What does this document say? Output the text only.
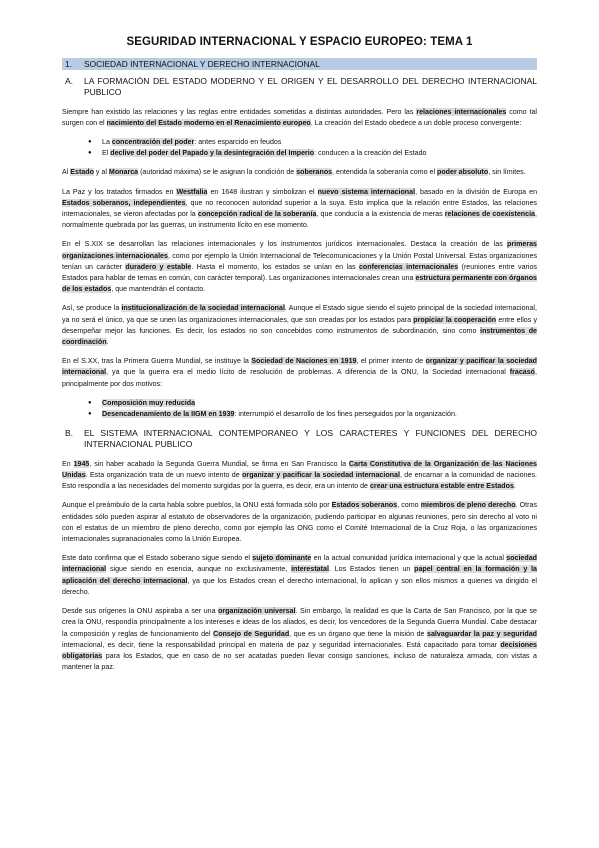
SEGURIDAD INTERNACIONAL Y ESPACIO EUROPEO: TEMA 1
1.	SOCIEDAD INTERNACIONAL Y DERECHO INTERNACIONAL
A.	LA FORMACIÓN DEL ESTADO MODERNO Y EL ORIGEN Y EL DESARROLLO DEL DERECHO INTERNACIONAL PUBLICO

Siempre han existido las relaciones y las reglas entre entidades sometidas a distintas autoridades. Pero las relaciones internacionales como tal surgen con el nacimiento del Estado moderno en el Renacimiento europeo. La creación del Estado obedece a un doble proceso convergente:

● La concentración del poder: antes esparcido en feudos
● El declive del poder del Papado y la desintegración del Imperio: conducen a la creación del Estado

Al Estado y al Monarca (autoridad máxima) se le asignan la condición de soberanos, entendida la soberanía como el poder absoluto, sin límites.

La Paz y los tratados firmados en Westfalia en 1648 ilustran y simbolizan el nuevo sistema internacional, basado en la división de Europa en Estados soberanos, independientes, que no reconocen autoridad superior a la suya. Esto implica que la relación entre Estados, las relaciones internacionales, se vieron afectadas por la concepción radical de la soberanía, que conducía a la existencia de meras relaciones de coexistencia, normalmente quebrada por las guerras, un instrumento lícito en ese momento.

En el S.XIX se desarrollan las relaciones internacionales y los instrumentos jurídicos internacionales. Destaca la creación de las primeras organizaciones internacionales, como por ejemplo la Unión Internacional de Telecomunicaciones y la Unión Postal Universal. Estas organizaciones tenían un carácter duradero y estable. Hasta el momento, los estados se unían en las conferencias internacionales (reuniones entre varios Estados para hablar de temas en común, con carácter temporal). Las organizaciones internacionales crean una estructura permanente con órganos de los estados, que mantendrán el contacto.

Así, se produce la institucionalización de la sociedad internacional. Aunque el Estado sigue siendo el sujeto principal de la sociedad internacional, ya no será el único, ya que se unen las organizaciones internacionales, que son creadas por los estados para propiciar la cooperación entre ellos y desempeñar mejor las funciones. Es decir, los estados no son concebidos como instrumentos de subordinación, sino como instrumentos de coordinación.

En el S.XX, tras la Primera Guerra Mundial, se instituye la Sociedad de Naciones en 1919, el primer intento de organizar y pacificar la sociedad internacional, ya que la guerra era el medio lícito de resolución de problemas. A diferencia de la ONU, la Sociedad internacional fracasó, principalmente por dos motivos:

● Composición muy reducida
● Desencadenamiento de la IIGM en 1939: interrumpió el desarrollo de los fines perseguidos por la organización.
B.	EL SISTEMA INTERNACIONAL CONTEMPORANEO Y LOS CARACTERES Y FUNCIONES DEL DERECHO INTERNACIONAL PUBLICO

En 1945, sin haber acabado la Segunda Guerra Mundial, se firma en San Francisco la Carta Constitutiva de la Organización de las Naciones Unidas. Esta organización trata de un nuevo intento de organizar y pacificar la sociedad internacional, de encarnar a la comunidad de naciones. Esto respondía a las necesidades del momento surgidas por la guerra, es decir, era un intento de crear una estructura estable entre Estados.

Aunque el preámbulo de la carta habla sobre pueblos, la ONU está formada sólo por Estados soberanos, como miembros de pleno derecho. Otras entidades sólo pueden aspirar al estatuto de observadores de la organización, pudiendo participar en algunas reuniones, pero sin derecho al voto ni con el estatus de un miembro de pleno derecho, como por ejemplo las ONG como el Comité Internacional de la Cruz Roja, o las organizaciones internacionales supranacionales como la Unión Europea.

Este dato confirma que el Estado soberano sigue siendo el sujeto dominante en la actual comunidad jurídica internacional y que la actual sociedad internacional sigue siendo en esencia, aunque no exclusivamente, interestatal. Los Estados tienen un papel central en la formación y la aplicación del derecho internacional, ya que los Estados crean el derecho internacional, lo aplican y son ellos mismos a quienes va dirigido el derecho.

Desde sus orígenes la ONU aspiraba a ser una organización universal. Sin embargo, la realidad es que la Carta de San Francisco, por la que se crea la ONU, respondía principalmente a los intereses e ideas de los aliados, es decir, los vencedores de la Segunda Guerra Mundial. Cabe destacar la composición y reglas de funcionamiento del Consejo de Seguridad, que es un órgano que tiene la misión de salvaguardar la paz y seguridad internacional, es decir, tiene la responsabilidad principal en materia de paz y seguridad internacionales. Está capacitado para tomar decisiones obligatorias para los Estados, que en caso de no ser acatadas pueden llevar consigo sanciones, incluso de naturaleza armada, con vistas a mantener la paz.
